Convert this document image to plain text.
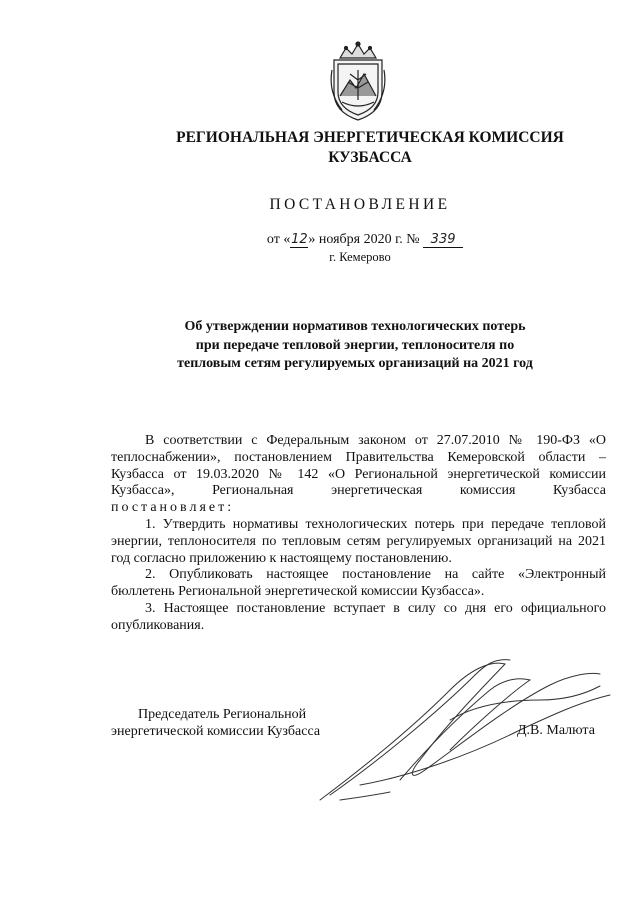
РЕГИОНАЛЬНАЯ ЭНЕРГЕТИЧЕСКАЯ КОМИССИЯ
КУЗБАССА
ПОСТАНОВЛЕНИЕ
от «12» ноября 2020 г. № 339
г. Кемерово
Об утверждении нормативов технологических потерь
при передаче тепловой энергии, теплоносителя по
тепловым сетям регулируемых организаций на 2021 год

В соответствии с Федеральным законом от 27.07.2010 № 190-ФЗ «О теплоснабжении», постановлением Правительства Кемеровской области – Кузбасса от 19.03.2020 № 142 «О Региональной энергетической комиссии Кузбасса», Региональная энергетическая комиссия Кузбасса

постановляет:

1. Утвердить нормативы технологических потерь при передаче тепловой энергии, теплоносителя по тепловым сетям регулируемых организаций на 2021 год согласно приложению к настоящему постановлению.

2. Опубликовать настоящее постановление на сайте «Электронный бюллетень Региональной энергетической комиссии Кузбасса».

3. Настоящее постановление вступает в силу со дня его официального опубликования.

Председатель Региональной
энергетической комиссии Кузбасса	Д.В. Малюта
